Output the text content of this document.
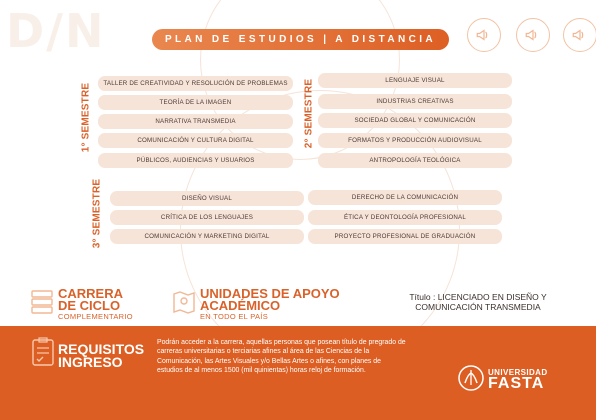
D/N	PLAN DE ESTUDIOS | A DISTANCIA
1° SEMESTRE	2° SEMESTRE
3° SEMESTRE
TALLER DE CREATIVIDAD Y RESOLUCIÓN DE PROBLEMAS
TEORÍA DE LA IMAGEN
NARRATIVA TRANSMEDIA
COMUNICACIÓN Y CULTURA DIGITAL
PÚBLICOS, AUDIENCIAS Y USUARIOS
LENGUAJE VISUAL
INDUSTRIAS CREATIVAS
SOCIEDAD GLOBAL Y COMUNICACIÓN
FORMATOS Y PRODUCCIÓN AUDIOVISUAL
ANTROPOLOGÍA TEOLÓGICA
DISEÑO VISUAL
CRÍTICA DE LOS LENGUAJES
COMUNICACIÓN Y MARKETING DIGITAL
DERECHO DE LA COMUNICACIÓN
ÉTICA Y DEONTOLOGÍA PROFESIONAL
PROYECTO PROFESIONAL DE GRADUACIÓN
CARRERA
DE CICLO
COMPLEMENTARIO
UNIDADES DE APOYO
ACADÉMICO
EN TODO EL PAÍS
Título : LICENCIADO EN DISEÑO Y COMUNICACIÓN TRANSMEDIA
REQUISITOS
INGRESO
Podrán acceder a la carrera, aquellas personas que posean título de pregrado de carreras universitarias o terciarias afines al área de las Ciencias de la Comunicación, las Artes Visuales y/o Bellas Artes o afines, con planes de estudios de al menos 1500 (mil quinientas) horas reloj de formación.	UNIVERSIDAD
FASTA
